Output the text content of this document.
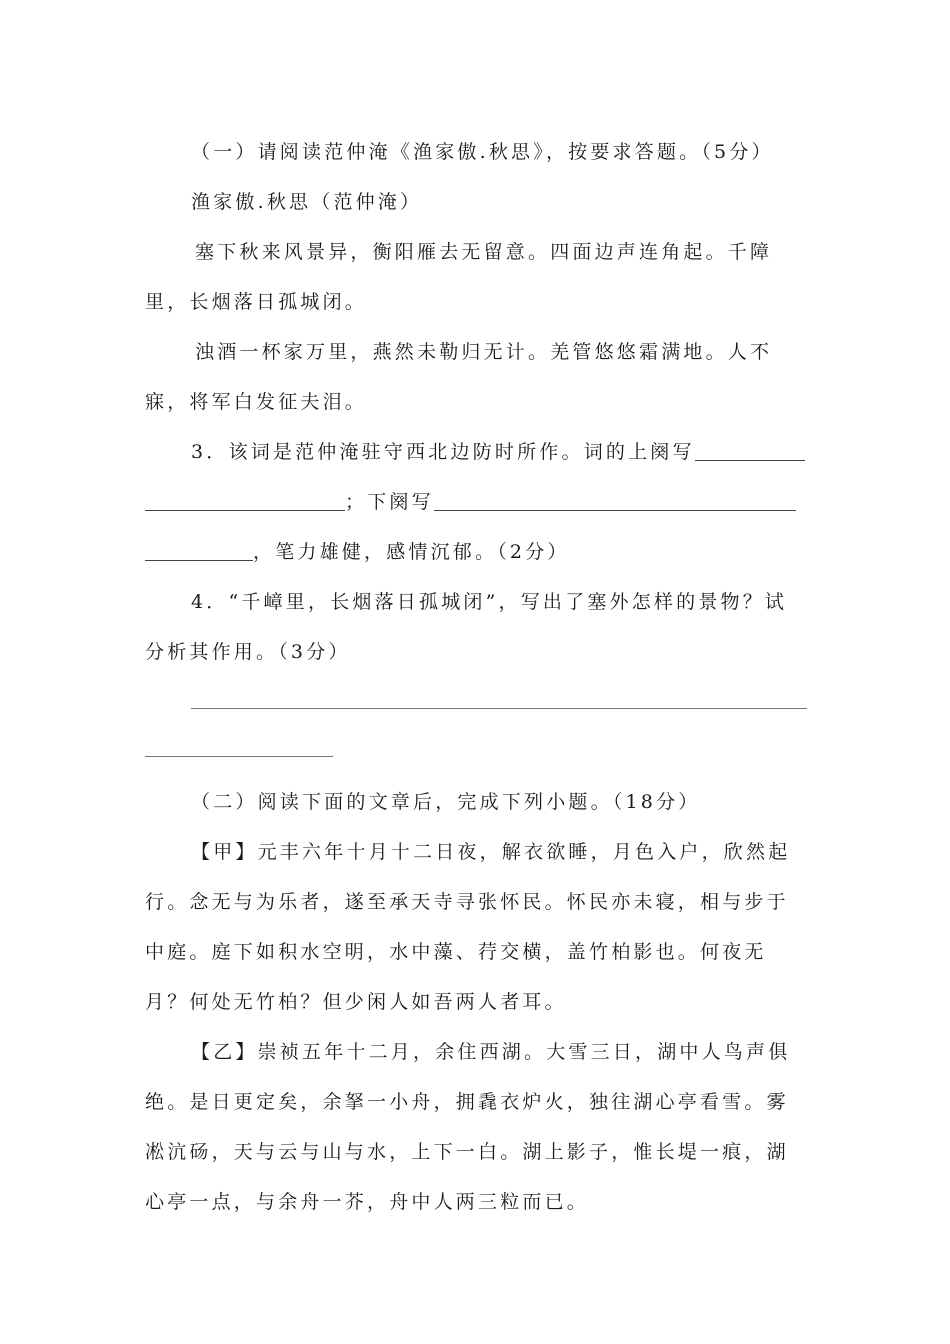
（一）请阅读范仲淹《渔家傲.秋思》，按要求答题。（5分）
渔家傲.秋思（范仲淹）
塞下秋来风景异，衡阳雁去无留意。四面边声连角起。千障
里，长烟落日孤城闭。
浊酒一杯家万里，燕然未勒归无计。羌管悠悠霜满地。人不
寐，将军白发征夫泪。
3．该词是范仲淹驻守西北边防时所作。词的上阕写
；下阕写
，笔力雄健，感情沉郁。（2分）
4．“千嶂里，长烟落日孤城闭”，写出了塞外怎样的景物？试
分析其作用。（3分）
（二）阅读下面的文章后，完成下列小题。（18分）
【甲】元丰六年十月十二日夜，解衣欲睡，月色入户，欣然起
行。念无与为乐者，遂至承天寺寻张怀民。怀民亦未寝，相与步于
中庭。庭下如积水空明，水中藻、荇交横，盖竹柏影也。何夜无
月？何处无竹柏？但少闲人如吾两人者耳。
【乙】崇祯五年十二月，余住西湖。大雪三日，湖中人鸟声俱
绝。是日更定矣，余拏一小舟，拥毳衣炉火，独往湖心亭看雪。雾
凇沆砀，天与云与山与水，上下一白。湖上影子，惟长堤一痕，湖
心亭一点，与余舟一芥，舟中人两三粒而已。
